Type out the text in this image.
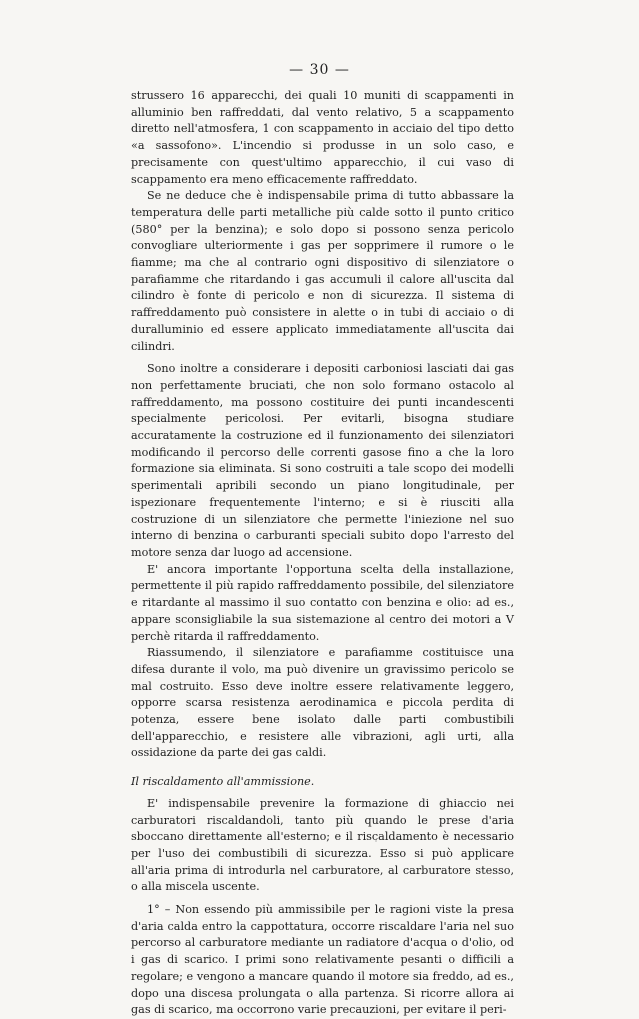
— 30 —

strussero 16 apparecchi, dei quali 10 muniti di scappamenti in alluminio ben raffreddati, dal vento relativo, 5 a scappamento diretto nell'atmosfera, 1 con scappamento in acciaio del tipo detto «a sassofono». L'incendio si produsse in un solo caso, e precisamente con quest'ultimo apparecchio, il cui vaso di scappamento era meno efficacemente raffreddato.

Se ne deduce che è indispensabile prima di tutto abbassare la temperatura delle parti metalliche più calde sotto il punto critico (580° per la benzina); e solo dopo si possono senza pericolo convogliare ulteriormente i gas per sopprimere il rumore o le fiamme; ma che al contrario ogni dispositivo di silenziatore o parafiamme che ritardando i gas accumuli il calore all'uscita dal cilindro è fonte di pericolo e non di sicurezza. Il sistema di raffreddamento può consistere in alette o in tubi di acciaio o di duralluminio ed essere applicato immediatamente all'uscita dai cilindri.

Sono inoltre a considerare i depositi carboniosi lasciati dai gas non perfettamente bruciati, che non solo formano ostacolo al raffreddamento, ma possono costituire dei punti incandescenti specialmente pericolosi. Per evitarli, bisogna studiare accuratamente la costruzione ed il funzionamento dei silenziatori modificando il percorso delle correnti gasose fino a che la loro formazione sia eliminata. Si sono costruiti a tale scopo dei modelli sperimentali apribili secondo un piano longitudinale, per ispezionare frequentemente l'interno; e si è riusciti alla costruzione di un silenziatore che permette l'iniezione nel suo interno di benzina o carburanti speciali subito dopo l'arresto del motore senza dar luogo ad accensione.

E' ancora importante l'opportuna scelta della installazione, permettente il più rapido raffreddamento possibile, del silenziatore e ritardante al massimo il suo contatto con benzina e olio: ad es., appare sconsigliabile la sua sistemazione al centro dei motori a V perchè ritarda il raffreddamento.

Riassumendo, il silenziatore e parafiamme costituisce una difesa durante il volo, ma può divenire un gravissimo pericolo se mal costruito. Esso deve inoltre essere relativamente leggero, opporre scarsa resistenza aerodinamica e piccola perdita di potenza, essere bene isolato dalle parti combustibili dell'apparecchio, e resistere alle vibrazioni, agli urti, alla ossidazione da parte dei gas caldi.

Il riscaldamento all'ammissione.

E' indispensabile prevenire la formazione di ghiaccio nei carburatori riscaldandoli, tanto più quando le prese d'aria sboccano direttamente all'esterno; e il riscaldamento è necessario per l'uso dei combustibili di sicurezza. Esso si può applicare all'aria prima di introdurla nel carburatore, al carburatore stesso, o alla miscela uscente.

1° – Non essendo più ammissibile per le ragioni viste la presa d'aria calda entro la cappottatura, occorre riscaldare l'aria nel suo percorso al carburatore mediante un radiatore d'acqua o d'olio, od i gas di scarico. I primi sono relativamente pesanti o difficili a regolare; e vengono a mancare quando il motore sia freddo, ad es., dopo una discesa prolungata o alla partenza. Si ricorre allora ai gas di scarico, ma occorrono varie precauzioni, per evitare il peri-
